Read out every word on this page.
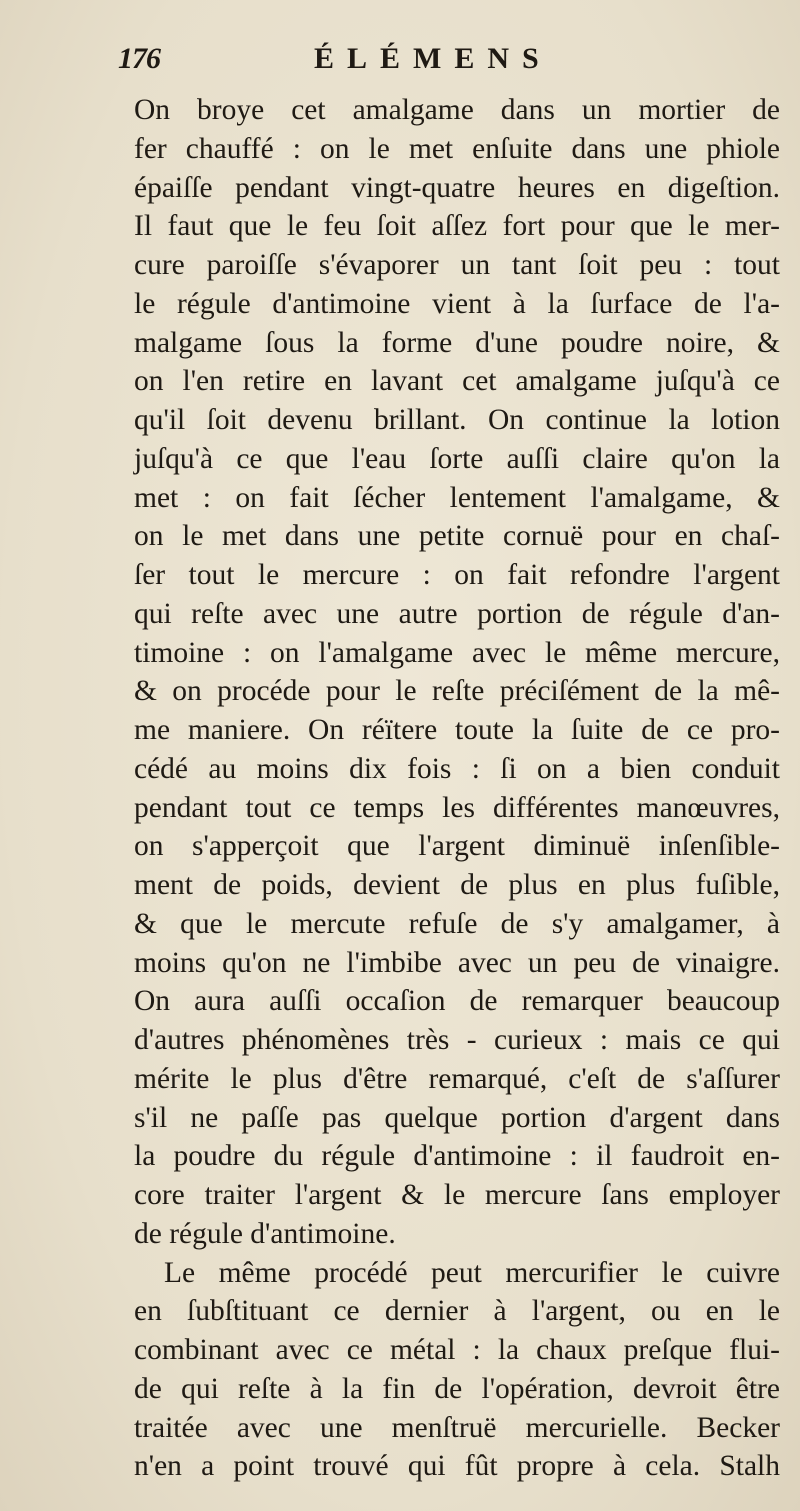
176	ÉLÉMENS
On broye cet amalgame dans un mortier de
fer chauffé : on le met enſuite dans une phiole
épaiſſe pendant vingt-quatre heures en digeſtion.
Il faut que le feu ſoit aſſez fort pour que le mer-
cure paroiſſe s'évaporer un tant ſoit peu : tout
le régule d'antimoine vient à la ſurface de l'a-
malgame ſous la forme d'une poudre noire, &
on l'en retire en lavant cet amalgame juſqu'à ce
qu'il ſoit devenu brillant. On continue la lotion
juſqu'à ce que l'eau ſorte auſſi claire qu'on la
met : on fait ſécher lentement l'amalgame, &
on le met dans une petite cornuë pour en chaſ-
ſer tout le mercure : on fait refondre l'argent
qui reſte avec une autre portion de régule d'an-
timoine : on l'amalgame avec le même mercure,
& on procéde pour le reſte préciſément de la mê-
me maniere. On réïtere toute la ſuite de ce pro-
cédé au moins dix fois : ſi on a bien conduit
pendant tout ce temps les différentes manœuvres,
on s'apperçoit que l'argent diminuë inſenſible-
ment de poids, devient de plus en plus fuſible,
& que le mercute refuſe de s'y amalgamer, à
moins qu'on ne l'imbibe avec un peu de vinaigre.
On aura auſſi occaſion de remarquer beaucoup
d'autres phénomènes très - curieux : mais ce qui
mérite le plus d'être remarqué, c'eſt de s'aſſurer
s'il ne paſſe pas quelque portion d'argent dans
la poudre du régule d'antimoine : il faudroit en-
core traiter l'argent & le mercure ſans employer
de régule d'antimoine.
Le même procédé peut mercurifier le cuivre
en ſubſtituant ce dernier à l'argent, ou en le
combinant avec ce métal : la chaux preſque flui-
de qui reſte à la fin de l'opération, devroit être
traitée avec une menſtruë mercurielle. Becker
n'en a point trouvé qui fût propre à cela. Stalh
